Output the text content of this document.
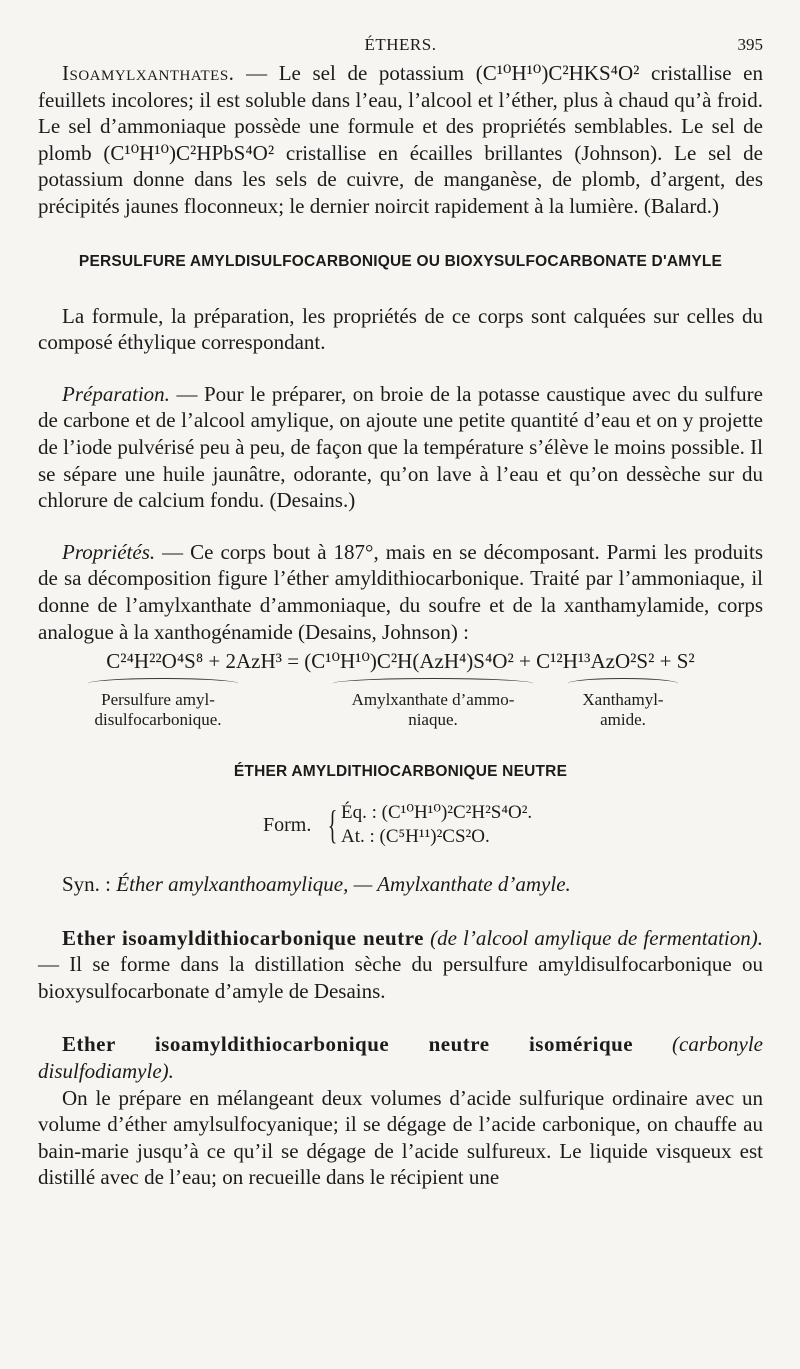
ÉTHERS.	395

Isoamylxanthates. — Le sel de potassium (C¹⁰H¹⁰)C²HKS⁴O² cristallise en feuillets incolores; il est soluble dans l’eau, l’alcool et l’éther, plus à chaud qu’à froid. Le sel d’ammoniaque possède une formule et des propriétés semblables. Le sel de plomb (C¹⁰H¹⁰)C²HPbS⁴O² cristallise en écailles brillantes (Johnson). Le sel de potassium donne dans les sels de cuivre, de manganèse, de plomb, d’argent, des précipités jaunes floconneux; le dernier noircit rapidement à la lumière. (Balard.)

PERSULFURE AMYLDISULFOCARBONIQUE OU BIOXYSULFOCARBONATE D'AMYLE

La formule, la préparation, les propriétés de ce corps sont calquées sur celles du composé éthylique correspondant.

Préparation. — Pour le préparer, on broie de la potasse caustique avec du sulfure de carbone et de l’alcool amylique, on ajoute une petite quantité d’eau et on y projette de l’iode pulvérisé peu à peu, de façon que la température s’élève le moins possible. Il se sépare une huile jaunâtre, odorante, qu’on lave à l’eau et qu’on dessèche sur du chlorure de calcium fondu. (Desains.)

Propriétés. — Ce corps bout à 187°, mais en se décomposant. Parmi les produits de sa décomposition figure l’éther amyldithiocarbonique. Traité par l’ammoniaque, il donne de l’amylxanthate d’ammoniaque, du soufre et de la xanthamylamide, corps analogue à la xanthogénamide (Desains, Johnson) :

C²⁴H²²O⁴S⁸ + 2AzH³ = (C¹⁰H¹⁰)C²H(AzH⁴)S⁴O² + C¹²H¹³AzO²S² + S²
Persulfure amyl-
disulfocarbonique.
Amylxanthate d’ammo-
niaque.
Xanthamyl-
amide.
ÉTHER AMYLDITHIOCARBONIQUE NEUTRE
Form. { Éq. : (C¹⁰H¹⁰)²C²H²S⁴O².
At. : (C⁵H¹¹)²CS²O.

Syn. : Éther amylxanthoamylique, — Amylxanthate d’amyle.

Ether isoamyldithiocarbonique neutre (de l’alcool amylique de fermentation). — Il se forme dans la distillation sèche du persulfure amyldisulfocarbonique ou bioxysulfocarbonate d’amyle de Desains.

Ether isoamyldithiocarbonique neutre isomérique (carbonyle disulfodiamyle).

On le prépare en mélangeant deux volumes d’acide sulfurique ordinaire avec un volume d’éther amylsulfocyanique; il se dégage de l’acide carbonique, on chauffe au bain-marie jusqu’à ce qu’il se dégage de l’acide sulfureux. Le liquide visqueux est distillé avec de l’eau; on recueille dans le récipient une
